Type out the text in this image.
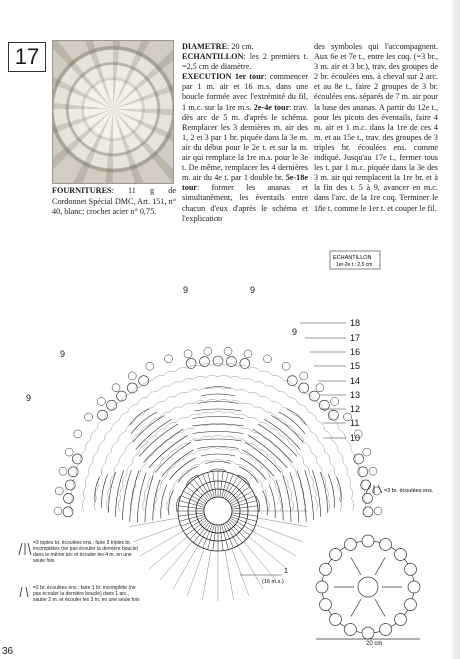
17
FOURNITURES: 11 g de Cordonnet Spécial DMC, Art. 151, n° 40, blanc; crochet acier n° 0,75.
DIAMETRE: 20 cm.
ECHANTILLON: les 2 premiers t. =2,5 cm de diamètre.
EXECUTION 1er tour: commencer par 1 m. air et 16 m.s. dans une boucle formée avec l'extrémité du fil, 1 m.c. sur la 1re m.s. 2e-4e tour: trav. dès arc de 5 m. d'après le schéma. Remplacer les 3 dernières m. air des 1, 2 et 3 par 1 br. piquée dans la 3e m. air du début pour le 2e t. et sur la m. air qui remplace la 1re m.s. pour le 3e t. De même, remplacer les 4 dernières m. air du 4e t. par 1 double br. 5e-18e tour: former les ananas et simultanément, les éventails entre chacun d'eux d'après le schéma et l'explication
des symboles qui l'accompagnent. Aux 6e et 7e t., entre les coq. (=3 br., 3 m. air et 3 br.), trav. des groupes de 2 br. écoulées ens. à cheval sur 2 arc. et au 8e t., faire 2 groupes de 3 br. écoulées ens. séparés de 7 m. air pour la base des ananas. A partir du 12e t., pour les picots des éventails, faire 4 m. air et 1 m.c. dans la 1re de ces 4 m. et au 15e t., trav. des groupes de 3 triples br. écoulées ens. comme indiqué. Jusqu'au 17e t., fermer tous les t. par 1 m.c. piquée dans la 3e des 3 m. air qui remplacent la 1re br. et à la fin des t. 5 à 9, avancer en m.c. dans l'arc. de la 1re coq. Terminer le 18e t. comme le 1er t. et couper le fil.
18
17
16
15
14
13
12
11
10
9
9
9	9
9
ECHANTILLON
1er-2e t.: 2,5 cm
=3 br. écoulées ens.
=3 triples br. écoulées ens.: faire 3 triples br. incomplètes (ne pas écouler la dernière boucle) dans le même arc et écouler les 4 m. en une seule fois
=2 br. écoulées ens.: faire 1 br. incomplète (ne pas écouler la dernière boucle) dans 1 arc., sauter 2 m. et écouler les 3 m. en une seule fois
(16 m.s.)
1
20 cm
36
